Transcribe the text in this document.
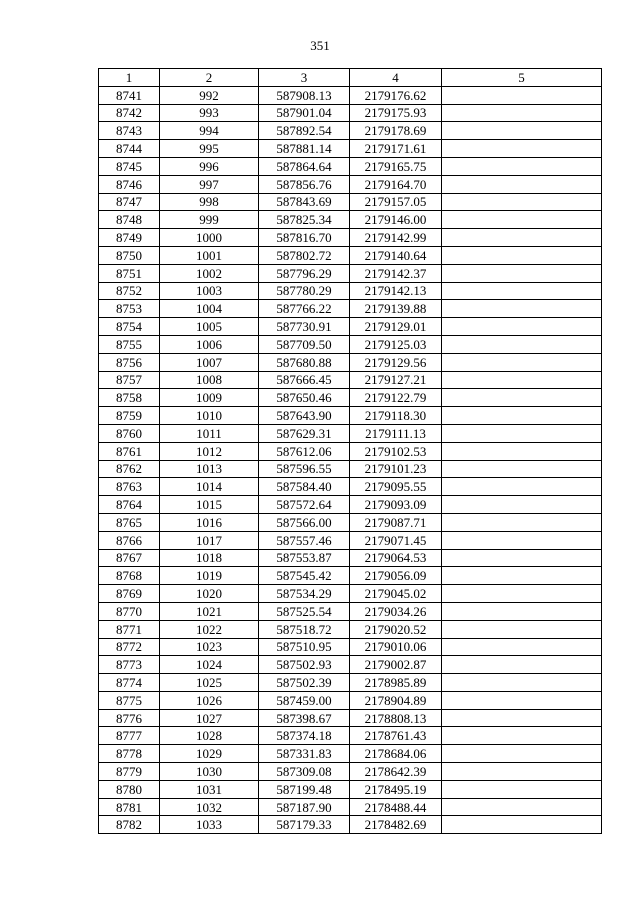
351
1	2	3	4	5
8741	992	587908.13	2179176.62	
8742	993	587901.04	2179175.93	
8743	994	587892.54	2179178.69	
8744	995	587881.14	2179171.61	
8745	996	587864.64	2179165.75	
8746	997	587856.76	2179164.70	
8747	998	587843.69	2179157.05	
8748	999	587825.34	2179146.00	
8749	1000	587816.70	2179142.99	
8750	1001	587802.72	2179140.64	
8751	1002	587796.29	2179142.37	
8752	1003	587780.29	2179142.13	
8753	1004	587766.22	2179139.88	
8754	1005	587730.91	2179129.01	
8755	1006	587709.50	2179125.03	
8756	1007	587680.88	2179129.56	
8757	1008	587666.45	2179127.21	
8758	1009	587650.46	2179122.79	
8759	1010	587643.90	2179118.30	
8760	1011	587629.31	2179111.13	
8761	1012	587612.06	2179102.53	
8762	1013	587596.55	2179101.23	
8763	1014	587584.40	2179095.55	
8764	1015	587572.64	2179093.09	
8765	1016	587566.00	2179087.71	
8766	1017	587557.46	2179071.45	
8767	1018	587553.87	2179064.53	
8768	1019	587545.42	2179056.09	
8769	1020	587534.29	2179045.02	
8770	1021	587525.54	2179034.26	
8771	1022	587518.72	2179020.52	
8772	1023	587510.95	2179010.06	
8773	1024	587502.93	2179002.87	
8774	1025	587502.39	2178985.89	
8775	1026	587459.00	2178904.89	
8776	1027	587398.67	2178808.13	
8777	1028	587374.18	2178761.43	
8778	1029	587331.83	2178684.06	
8779	1030	587309.08	2178642.39	
8780	1031	587199.48	2178495.19	
8781	1032	587187.90	2178488.44	
8782	1033	587179.33	2178482.69	
